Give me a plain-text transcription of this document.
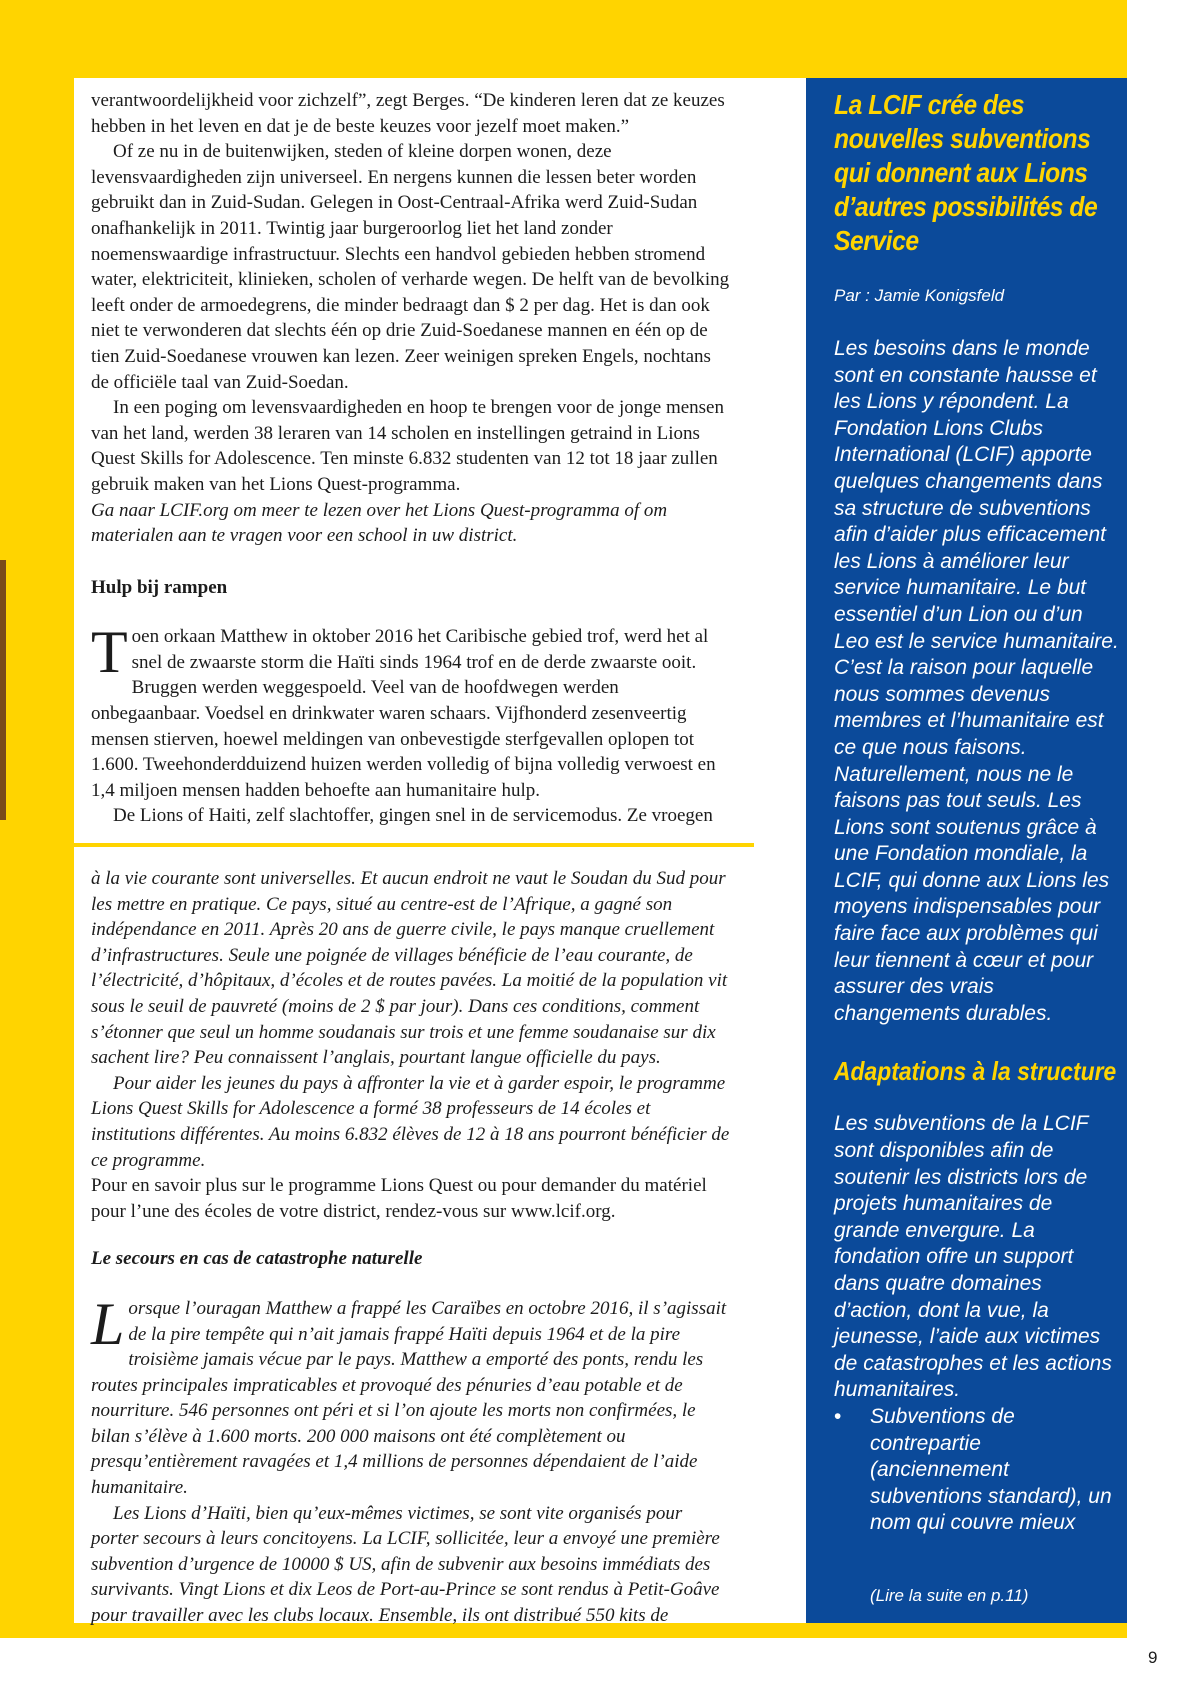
verantwoordelijkheid voor zichzelf”, zegt Berges. “De kinderen leren dat ze keuzes hebben in het leven en dat je de beste keuzes voor jezelf moet maken.”

Of ze nu in de buitenwijken, steden of kleine dorpen wonen, deze levensvaardigheden zijn universeel. En nergens kunnen die lessen beter worden gebruikt dan in Zuid-Sudan. Gelegen in Oost-Centraal-Afrika werd Zuid-Sudan onafhankelijk in 2011. Twintig jaar burgeroorlog liet het land zonder noemenswaardige infrastructuur. Slechts een handvol gebieden hebben stromend water, elektriciteit, klinieken, scholen of verharde wegen. De helft van de bevolking leeft onder de armoedegrens, die minder bedraagt dan $ 2 per dag. Het is dan ook niet te verwonderen dat slechts één op drie Zuid-Soedanese mannen en één op de tien Zuid-Soedanese vrouwen kan lezen. Zeer weinigen spreken Engels, nochtans de officiële taal van Zuid-Soedan.

In een poging om levensvaardigheden en hoop te brengen voor de jonge mensen van het land, werden 38 leraren van 14 scholen en instellingen getraind in Lions Quest Skills for Adolescence. Ten minste 6.832 studenten van 12 tot 18 jaar zullen gebruik maken van het Lions Quest-programma.

Ga naar LCIF.org om meer te lezen over het Lions Quest-programma of om materialen aan te vragen voor een school in uw district.

Hulp bij rampen

Toen orkaan Matthew in oktober 2016 het Caribische gebied trof, werd het al snel de zwaarste storm die Haïti sinds 1964 trof en de derde zwaarste ooit. Bruggen werden weggespoeld. Veel van de hoofdwegen werden onbegaanbaar. Voedsel en drinkwater waren schaars. Vijfhonderd zesenveertig mensen stierven, hoewel meldingen van onbevestigde sterfgevallen oplopen tot 1.600. Tweehonderdduizend huizen werden volledig of bijna volledig verwoest en 1,4 miljoen mensen hadden behoefte aan humanitaire hulp.

De Lions of Haiti, zelf slachtoffer, gingen snel in de servicemodus. Ze vroegen

à la vie courante sont universelles. Et aucun endroit ne vaut le Soudan du Sud pour les mettre en pratique. Ce pays, situé au centre-est de l’Afrique, a gagné son indépendance en 2011. Après 20 ans de guerre civile, le pays manque cruellement d’infrastructures. Seule une poignée de villages bénéficie de l’eau courante, de l’électricité, d’hôpitaux, d’écoles et de routes pavées. La moitié de la population vit sous le seuil de pauvreté (moins de 2 $ par jour). Dans ces conditions, comment s’étonner que seul un homme soudanais sur trois et une femme soudanaise sur dix sachent lire? Peu connaissent l’anglais, pourtant langue officielle du pays.

Pour aider les jeunes du pays à affronter la vie et à garder espoir, le programme Lions Quest Skills for Adolescence a formé 38 professeurs de 14 écoles et institutions différentes. Au moins 6.832 élèves de 12 à 18 ans pourront bénéficier de ce programme.

Pour en savoir plus sur le programme Lions Quest ou pour demander du matériel pour l’une des écoles de votre district, rendez-vous sur www.lcif.org.

Le secours en cas de catastrophe naturelle

Lorsque l’ouragan Matthew a frappé les Caraïbes en octobre 2016, il s’agissait de la pire tempête qui n’ait jamais frappé Haïti depuis 1964 et de la pire troisième jamais vécue par le pays. Matthew a emporté des ponts, rendu les routes principales impraticables et provoqué des pénuries d’eau potable et de nourriture. 546 personnes ont péri et si l’on ajoute les morts non confirmées, le bilan s’élève à 1.600 morts. 200 000 maisons ont été complètement ou presqu’entièrement ravagées et 1,4 millions de personnes dépendaient de l’aide humanitaire.

Les Lions d’Haïti, bien qu’eux-mêmes victimes, se sont vite organisés pour porter secours à leurs concitoyens. La LCIF, sollicitée, leur a envoyé une première subvention d’urgence de 10000 $ US, afin de subvenir aux besoins immédiats des survivants. Vingt Lions et dix Leos de Port-au-Prince se sont rendus à Petit-Goâve pour travailler avec les clubs locaux. Ensemble, ils ont distribué 550 kits de

La LCIF crée des nouvelles subventions qui donnent aux Lions d’autres possibilités de Service

Par : Jamie Konigsfeld

Les besoins dans le monde sont en constante hausse et les Lions y répondent. La Fondation Lions Clubs International (LCIF) apporte quelques changements dans sa structure de subventions afin d’aider plus efficacement les Lions à améliorer leur service humanitaire. Le but essentiel d’un Lion ou d’un Leo est le service humanitaire. C’est la raison pour laquelle nous sommes devenus membres et l’humanitaire est ce que nous faisons. Naturellement, nous ne le faisons pas tout seuls. Les Lions sont soutenus grâce à une Fondation mondiale, la LCIF, qui donne aux Lions les moyens indispensables pour faire face aux problèmes qui leur tiennent à cœur et pour assurer des vrais changements durables.

Adaptations à la structure

Les subventions de la LCIF sont disponibles afin de soutenir les districts lors de projets humanitaires de grande envergure. La fondation offre un support dans quatre domaines d’action, dont la vue, la jeunesse, l’aide aux victimes de catastrophes et les actions humanitaires.

•	Subventions de contrepartie (anciennement subventions standard), un nom qui couvre mieux
(Lire la suite en p.11)
9
